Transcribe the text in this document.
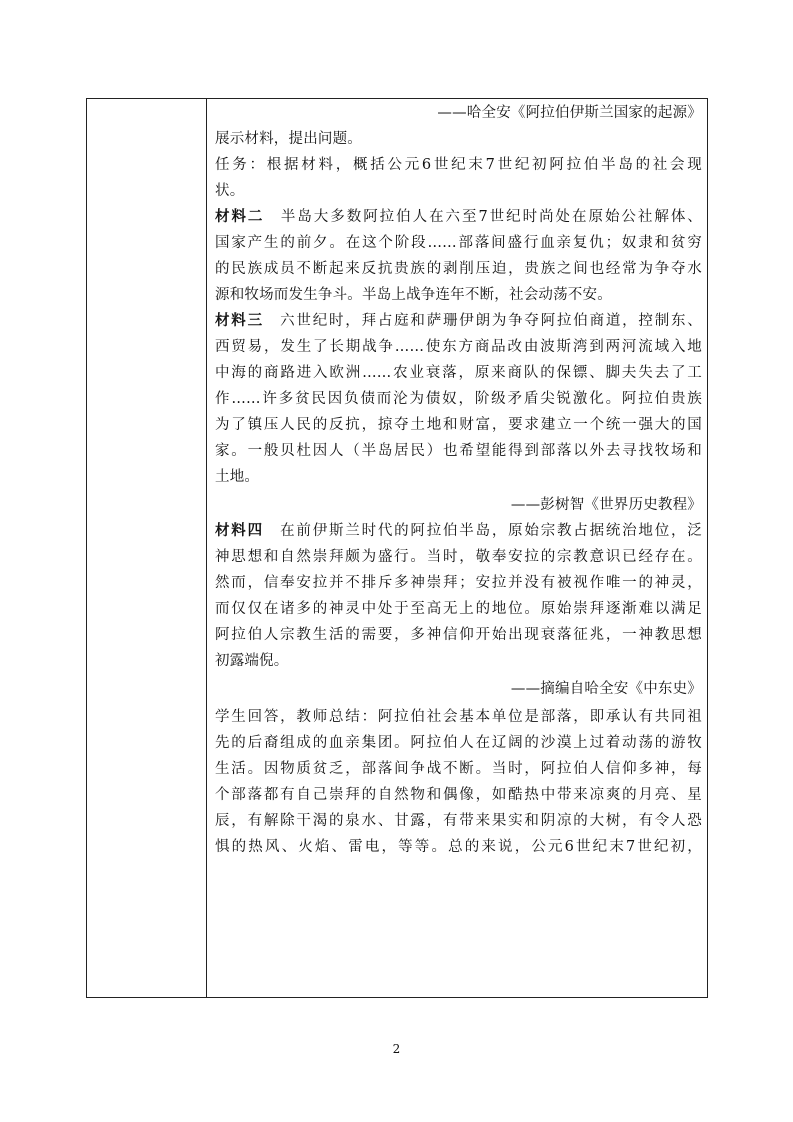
——哈全安《阿拉伯伊斯兰国家的起源》
展示材料，提出问题。
任务：根据材料，概括公元6世纪末7世纪初阿拉伯半岛的社会现
状。
材料二　半岛大多数阿拉伯人在六至7世纪时尚处在原始公社解体、
国家产生的前夕。在这个阶段……部落间盛行血亲复仇；奴隶和贫穷
的民族成员不断起来反抗贵族的剥削压迫，贵族之间也经常为争夺水
源和牧场而发生争斗。半岛上战争连年不断，社会动荡不安。
材料三　六世纪时，拜占庭和萨珊伊朗为争夺阿拉伯商道，控制东、
西贸易，发生了长期战争……使东方商品改由波斯湾到两河流域入地
中海的商路进入欧洲……农业衰落，原来商队的保镖、脚夫失去了工
作……许多贫民因负债而沦为债奴，阶级矛盾尖锐激化。阿拉伯贵族
为了镇压人民的反抗，掠夺土地和财富，要求建立一个统一强大的国
家。一般贝杜因人（半岛居民）也希望能得到部落以外去寻找牧场和
土地。
——彭树智《世界历史教程》
材料四　在前伊斯兰时代的阿拉伯半岛，原始宗教占据统治地位，泛
神思想和自然崇拜颇为盛行。当时，敬奉安拉的宗教意识已经存在。
然而，信奉安拉并不排斥多神崇拜；安拉并没有被视作唯一的神灵，
而仅仅在诸多的神灵中处于至高无上的地位。原始崇拜逐渐难以满足
阿拉伯人宗教生活的需要，多神信仰开始出现衰落征兆，一神教思想
初露端倪。
——摘编自哈全安《中东史》
学生回答，教师总结：阿拉伯社会基本单位是部落，即承认有共同祖
先的后裔组成的血亲集团。阿拉伯人在辽阔的沙漠上过着动荡的游牧
生活。因物质贫乏，部落间争战不断。当时，阿拉伯人信仰多神，每
个部落都有自己崇拜的自然物和偶像，如酷热中带来凉爽的月亮、星
辰，有解除干渴的泉水、甘露，有带来果实和阴凉的大树，有令人恐
惧的热风、火焰、雷电，等等。总的来说，公元6世纪末7世纪初，
2
